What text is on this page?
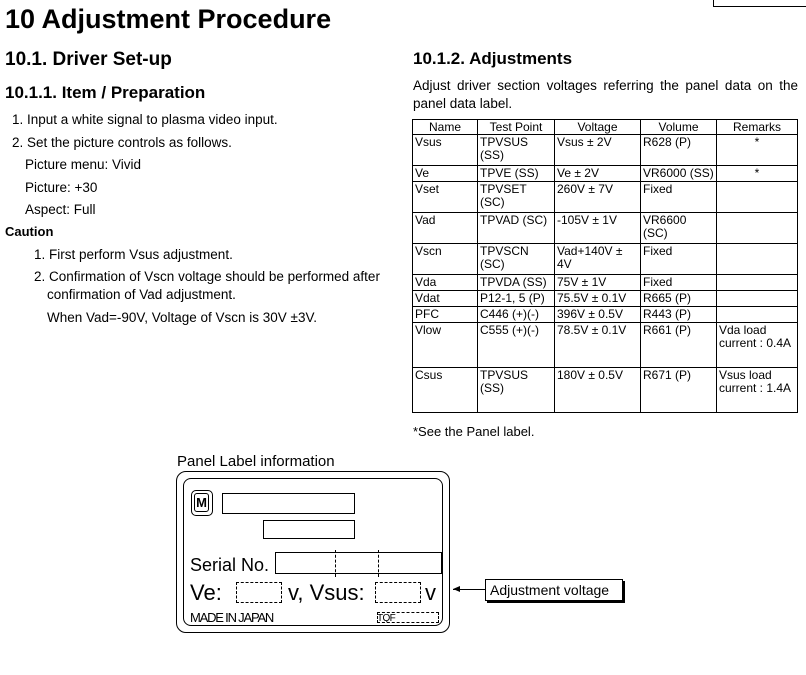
10 Adjustment Procedure
10.1. Driver Set-up
10.1.1. Item / Preparation
10.1.2. Adjustments
1. Input a white signal to plasma video input.
2. Set the picture controls as follows.
Picture menu: Vivid
Picture: +30
Aspect: Full
Caution
1. First perform Vsus adjustment.
2. Confirmation of Vscn voltage should be performed after
confirmation of Vad adjustment.
When Vad=-90V, Voltage of Vscn is 30V ±3V.
Adjust driver section voltages referring the panel data on the
panel data label.
Name	Test Point	Voltage	Volume	Remarks
Vsus	TPVSUS (SS)	Vsus ± 2V	R628 (P)	*
Ve	TPVE (SS)	Ve ± 2V	VR6000 (SS)	*
Vset	TPVSET (SC)	260V ± 7V	Fixed	
Vad	TPVAD (SC)	-105V ± 1V	VR6600 (SC)	
Vscn	TPVSCN (SC)	Vad+140V ± 4V	Fixed	
Vda	TPVDA (SS)	75V ± 1V	Fixed	
Vdat	P12-1, 5 (P)	75.5V ± 0.1V	R665 (P)	
PFC	C446 (+)(-)	396V ± 0.5V	R443 (P)	
Vlow	C555 (+)(-)	78.5V ± 0.1V	R661 (P)	Vda load current : 0.4A
Csus	TPVSUS (SS)	180V ± 0.5V	R671 (P)	Vsus load current : 1.4A
*See the Panel label.
Panel Label information
M
Serial No.
Ve:	v, Vsus:	v
MADE IN JAPAN	TQF
Adjustment voltage
